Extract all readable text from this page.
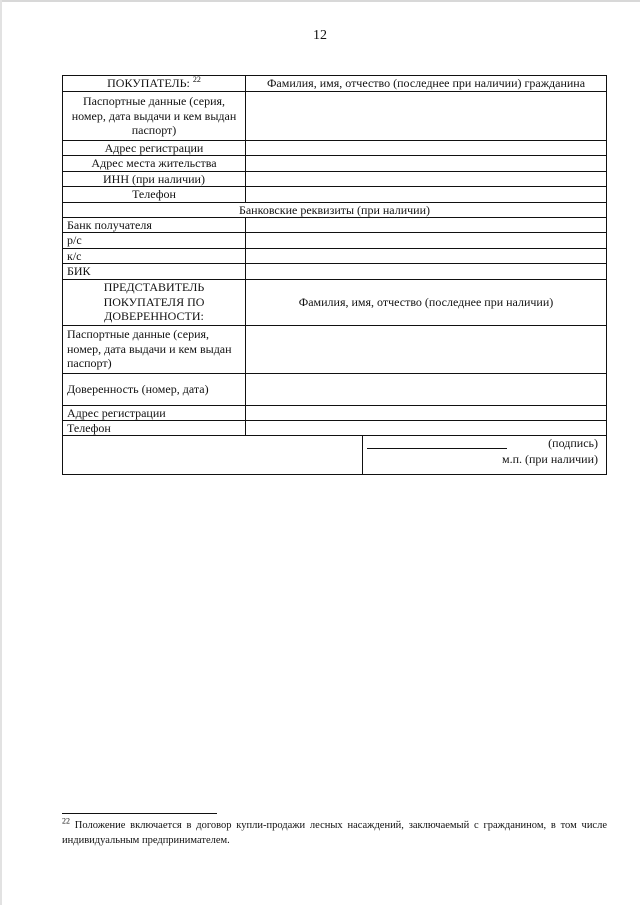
12
ПОКУПАТЕЛЬ: $^{22}$	Фамилия, имя, отчество (последнее при наличии) гражданина
Паспортные данные (серия, номер, дата выдачи и кем выдан паспорт)	
Адрес регистрации	
Адрес места жительства	
ИНН (при наличии)	
Телефон	
Банковские реквизиты (при наличии)
Банк получателя	
р/с	
к/с	
БИК	
ПРЕДСТАВИТЕЛЬ ПОКУПАТЕЛЯ ПО ДОВЕРЕННОСТИ:	Фамилия, имя, отчество (последнее при наличии)
Паспортные данные (серия, номер, дата выдачи и кем выдан паспорт)	
Доверенность (номер, дата)	
Адрес регистрации	
Телефон	

(подпись)
м.п. (при наличии)
$^{22}$ Положение включается в договор купли-продажи лесных насаждений, заключаемый с гражданином, в том числе индивидуальным предпринимателем.
